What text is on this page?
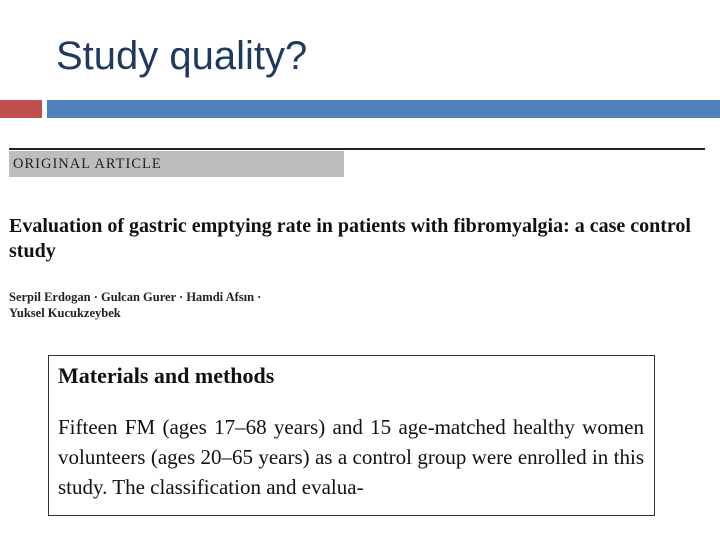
Study quality?
ORIGINAL ARTICLE
Evaluation of gastric emptying rate in patients with fibromyalgia: a case control study
Serpil Erdogan · Gulcan Gurer · Hamdi Afsın ·
Yuksel Kucukzeybek
Materials and methods

Fifteen FM (ages 17–68 years) and 15 age-matched healthy women volunteers (ages 20–65 years) as a control group were enrolled in this study. The classification and evalua-
